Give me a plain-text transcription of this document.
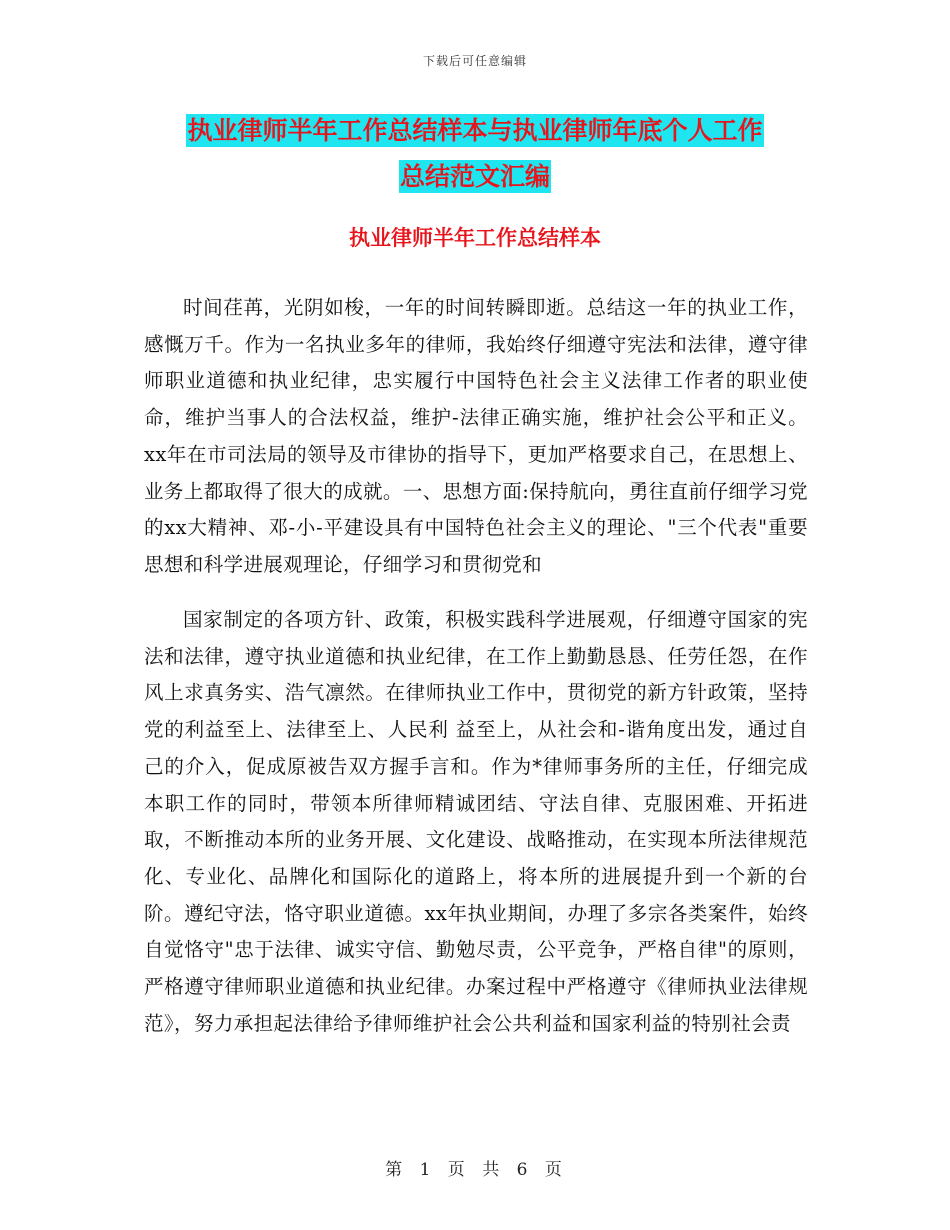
下载后可任意编辑
执业律师半年工作总结样本与执业律师年底个人工作
总结范文汇编
执业律师半年工作总结样本

时间荏苒，光阴如梭，一年的时间转瞬即逝。总结这一年的执业工作，感慨万千。作为一名执业多年的律师，我始终仔细遵守宪法和法律，遵守律师职业道德和执业纪律，忠实履行中国特色社会主义法律工作者的职业使命，维护当事人的合法权益，维护-法律正确实施，维护社会公平和正义。xx年在市司法局的领导及市律协的指导下，更加严格要求自己，在思想上、业务上都取得了很大的成就。一、思想方面:保持航向，勇往直前仔细学习党的xx大精神、邓-小-平建设具有中国特色社会主义的理论、"三个代表"重要思想和科学进展观理论，仔细学习和贯彻党和

国家制定的各项方针、政策，积极实践科学进展观，仔细遵守国家的宪法和法律，遵守执业道德和执业纪律，在工作上勤勤恳恳、任劳任怨，在作风上求真务实、浩气凛然。在律师执业工作中，贯彻党的新方针政策，坚持党的利益至上、法律至上、人民利 益至上，从社会和-谐角度出发，通过自己的介入，促成原被告双方握手言和。作为*律师事务所的主任，仔细完成本职工作的同时，带领本所律师精诚团结、守法自律、克服困难、开拓进取，不断推动本所的业务开展、文化建设、战略推动，在实现本所法律规范化、专业化、品牌化和国际化的道路上，将本所的进展提升到一个新的台阶。遵纪守法，恪守职业道德。xx年执业期间，办理了多宗各类案件，始终自觉恪守"忠于法律、诚实守信、勤勉尽责，公平竞争，严格自律"的原则，严格遵守律师职业道德和执业纪律。办案过程中严格遵守《律师执业法律规范》，努力承担起法律给予律师维护社会公共利益和国家利益的特别社会责

第 1 页 共 6 页
